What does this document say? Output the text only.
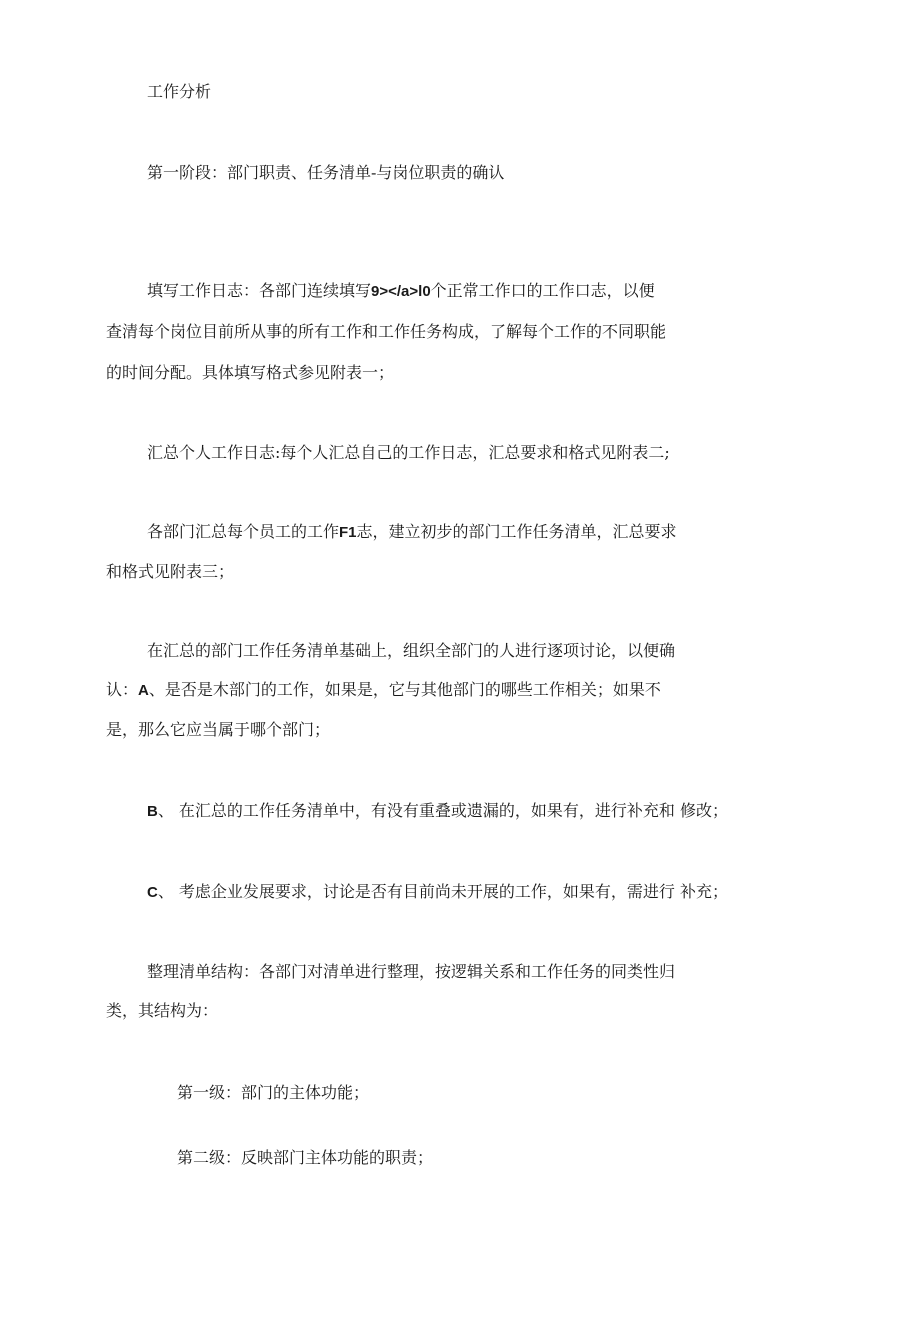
工作分析
第一阶段：部门职责、任务清单-与岗位职责的确认
填写工作日志：各部门连续填写9></a>l0个正常工作口的工作口志，以便
查清每个岗位目前所从事的所有工作和工作任务构成，了解每个工作的不同职能
的时间分配。具体填写格式参见附表一；
汇总个人工作日志:每个人汇总自己的工作日志，汇总要求和格式见附表二;
各部门汇总每个员工的工作F1志，建立初步的部门工作任务清单，汇总要求
和格式见附表三；
在汇总的部门工作任务清单基础上，组织全部门的人进行逐项讨论，以便确
认：A、是否是木部门的工作，如果是，它与其他部门的哪些工作相关；如果不
是，那么它应当属于哪个部门；
B、 在汇总的工作任务清单中，有没有重叠或遗漏的，如果有，进行补充和 修改；
C、 考虑企业发展要求，讨论是否有目前尚未开展的工作，如果有，需进行 补充；
整理清单结构：各部门对清单进行整理，按逻辑关系和工作任务的同类性归
类，其结构为：
第一级：部门的主体功能；
第二级：反映部门主体功能的职责；
